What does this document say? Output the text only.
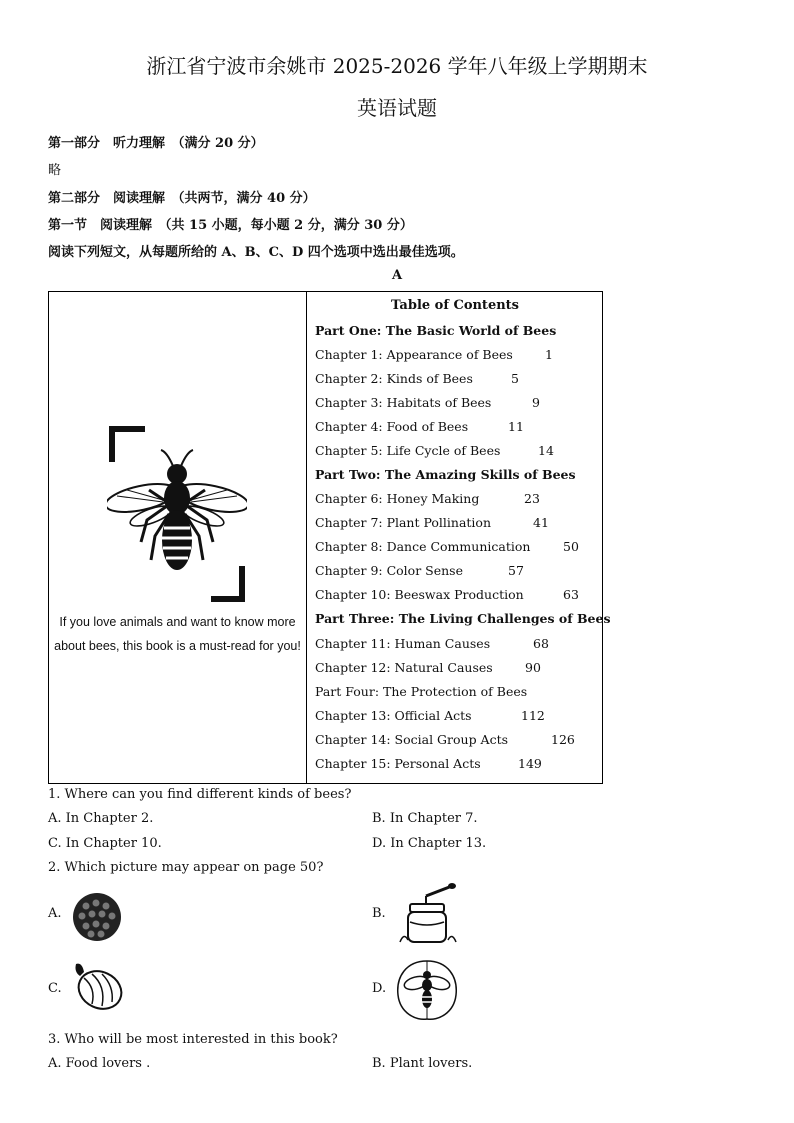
浙江省宁波市余姚市 2025-2026 学年八年级上学期期末
英语试题
第一部分　听力理解　（满分 20 分）
略
第二部分　阅读理解　（共两节，满分 40 分）
第一节　阅读理解　（共 15 小题，每小题 2 分，满分 30 分）
阅读下列短文，从每题所给的 A、B、C、D 四个选项中选出最佳选项。
A
If you love animals and want to know more
about bees, this book is a must-read for you!
Table of Contents
Part One: The Basic World of Bees
Chapter 1: Appearance of Bees	1
Chapter 2: Kinds of Bees	5
Chapter 3: Habitats of Bees	9
Chapter 4: Food of Bees	11
Chapter 5: Life Cycle of Bees	14
Part Two: The Amazing Skills of Bees
Chapter 6: Honey Making	23
Chapter 7: Plant Pollination	41
Chapter 8: Dance Communication	50
Chapter 9: Color Sense	57
Chapter 10: Beeswax Production	63
Part Three: The Living Challenges of Bees
Chapter 11: Human Causes	68
Chapter 12: Natural Causes	90
Part Four: The Protection of Bees
Chapter 13: Official Acts	112
Chapter 14: Social Group Acts	126
Chapter 15: Personal Acts	149
1. Where can you find different kinds of bees?
A. In Chapter 2.	B. In Chapter 7.
C. In Chapter 10.	D. In Chapter 13.
2. Which picture may appear on page 50?
A.	B.
C.	D.
3. Who will be most interested in this book?
A. Food lovers .	B. Plant lovers.
